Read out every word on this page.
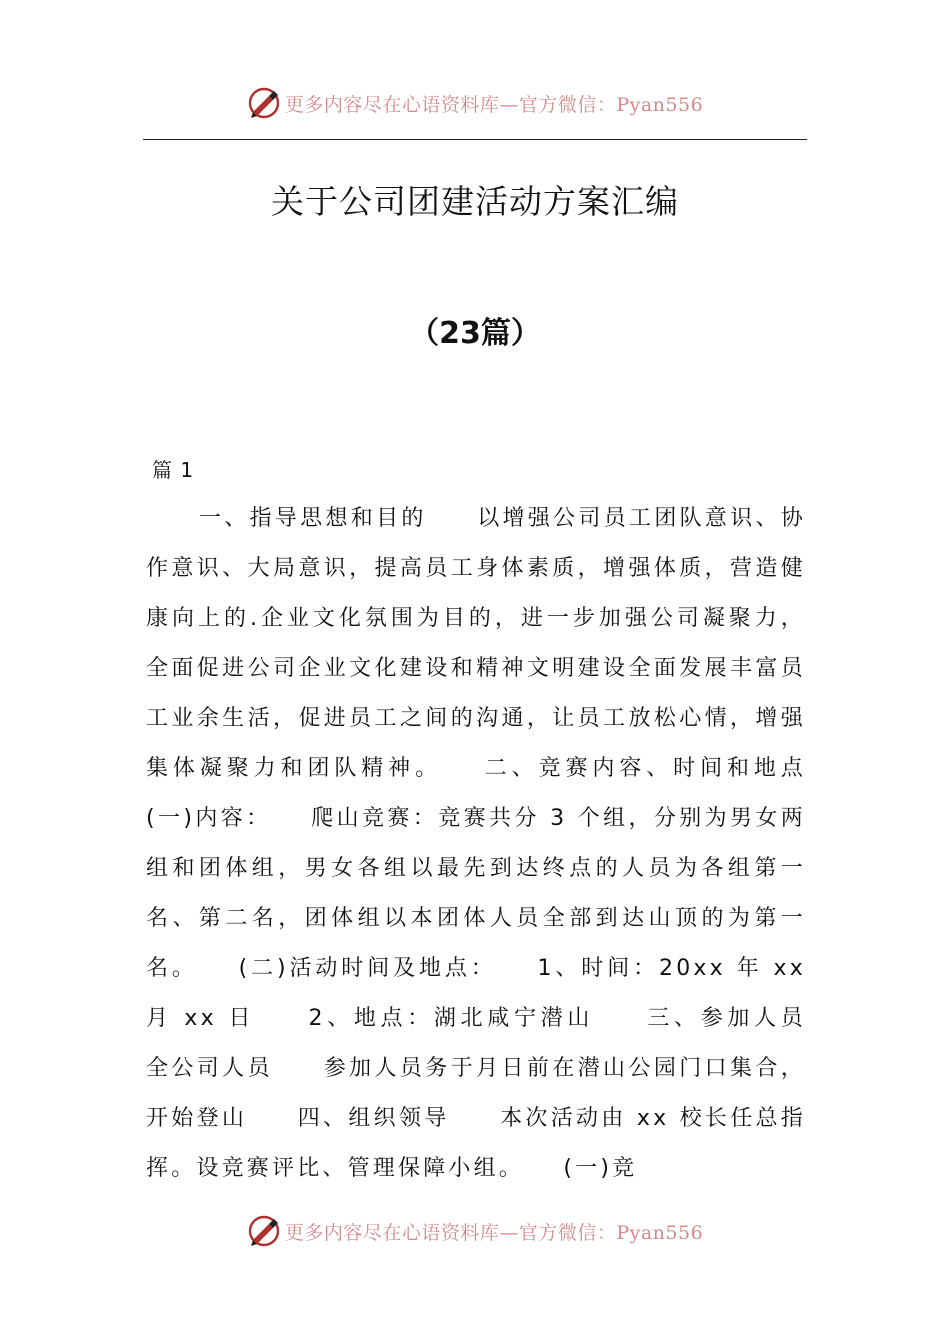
更多内容尽在心语资料库—官方微信：Pyan556
关于公司团建活动方案汇编
（23篇）
篇 1

一、指导思想和目的　　以增强公司员工团队意识、协作意识、大局意识，提高员工身体素质，增强体质，营造健康向上的.企业文化氛围为目的，进一步加强公司凝聚力，全面促进公司企业文化建设和精神文明建设全面发展丰富员工业余生活，促进员工之间的沟通，让员工放松心情，增强集体凝聚力和团队精神。　　二、竞赛内容、时间和地点　　(一)内容：　　爬山竞赛：竞赛共分 3 个组，分别为男女两组和团体组，男女各组以最先到达终点的人员为各组第一名、第二名，团体组以本团体人员全部到达山顶的为第一名。　　(二)活动时间及地点：　　1、时间：20xx 年 xx 月 xx 日　　2、地点：湖北咸宁潜山　　三、参加人员　　全公司人员　　参加人员务于月日前在潜山公园门口集合，开始登山　　四、组织领导　　本次活动由 xx 校长任总指挥。设竞赛评比、管理保障小组。　　(一)竞

更多内容尽在心语资料库—官方微信：Pyan556
